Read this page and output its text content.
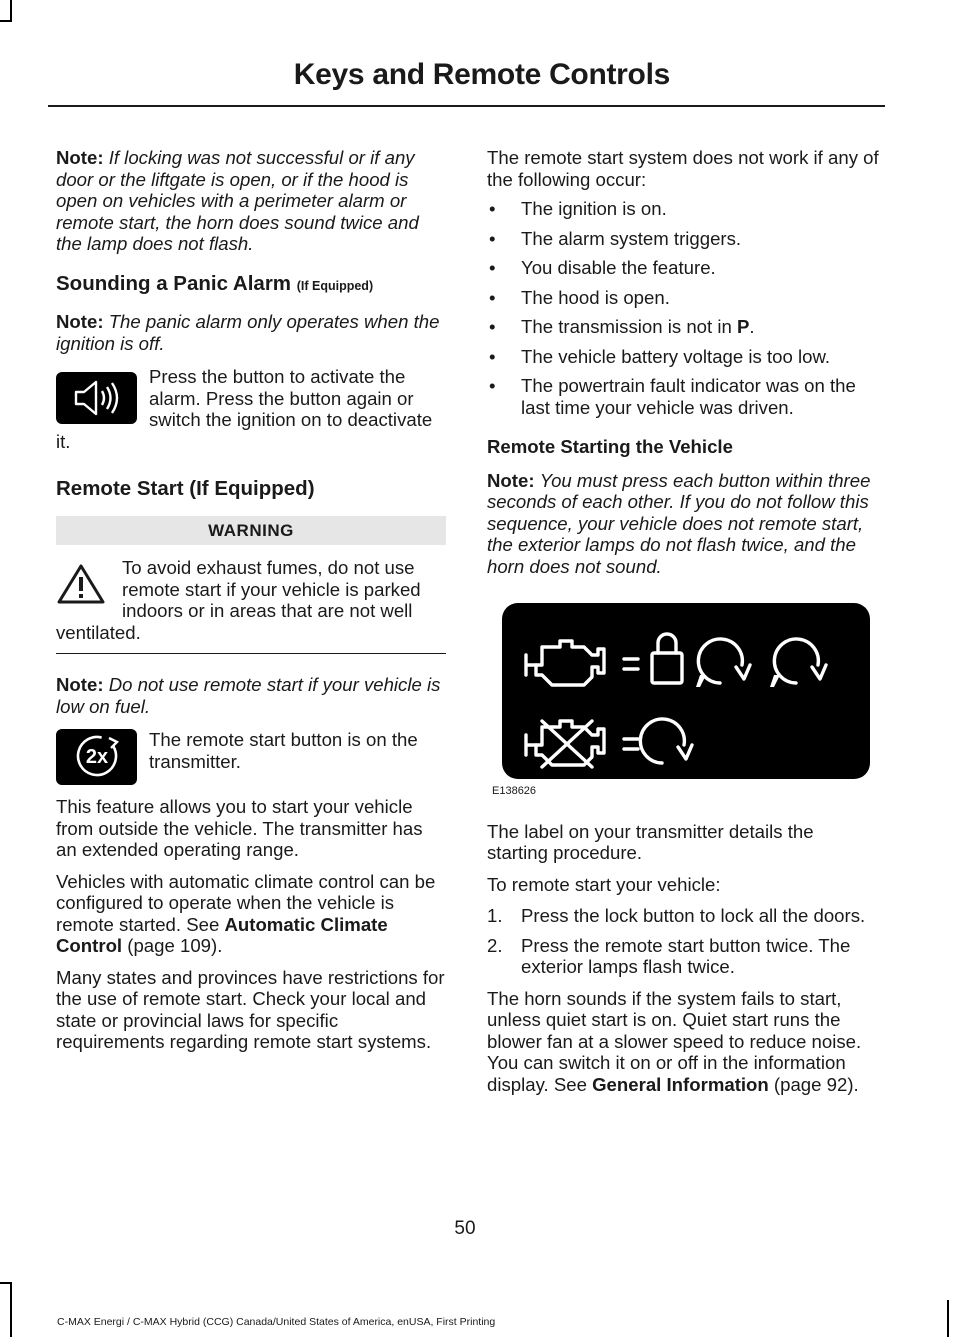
Keys and Remote Controls

Note: If locking was not successful or if any door or the liftgate is open, or if the hood is open on vehicles with a perimeter alarm or remote start, the horn does sound twice and the lamp does not flash.

Sounding a Panic Alarm (If Equipped)

Note: The panic alarm only operates when the ignition is off.

Press the button to activate the alarm. Press the button again or switch the ignition on to deactivate it.

Remote Start (If Equipped)
WARNING
To avoid exhaust fumes, do not use remote start if your vehicle is parked indoors or in areas that are not well ventilated.

Note: Do not use remote start if your vehicle is low on fuel.

2x

The remote start button is on the transmitter.

This feature allows you to start your vehicle from outside the vehicle. The transmitter has an extended operating range.

Vehicles with automatic climate control can be configured to operate when the vehicle is remote started. See Automatic Climate Control (page 109).

Many states and provinces have restrictions for the use of remote start. Check your local and state or provincial laws for specific requirements regarding remote start systems.

The remote start system does not work if any of the following occur:

• The ignition is on.
• The alarm system triggers.
• You disable the feature.
• The hood is open.
• The transmission is not in P.
• The vehicle battery voltage is too low.
• The powertrain fault indicator was on the last time your vehicle was driven.
Remote Starting the Vehicle

Note: You must press each button within three seconds of each other. If you do not follow this sequence, your vehicle does not remote start, the exterior lamps do not flash twice, and the horn does not sound.

E138626

The label on your transmitter details the starting procedure.

To remote start your vehicle:

1. Press the lock button to lock all the doors.
2. Press the remote start button twice. The exterior lamps flash twice.

The horn sounds if the system fails to start, unless quiet start is on. Quiet start runs the blower fan at a slower speed to reduce noise. You can switch it on or off in the information display. See General Information (page 92).

50
C-MAX Energi / C-MAX Hybrid (CCG) Canada/United States of America, enUSA, First Printing
